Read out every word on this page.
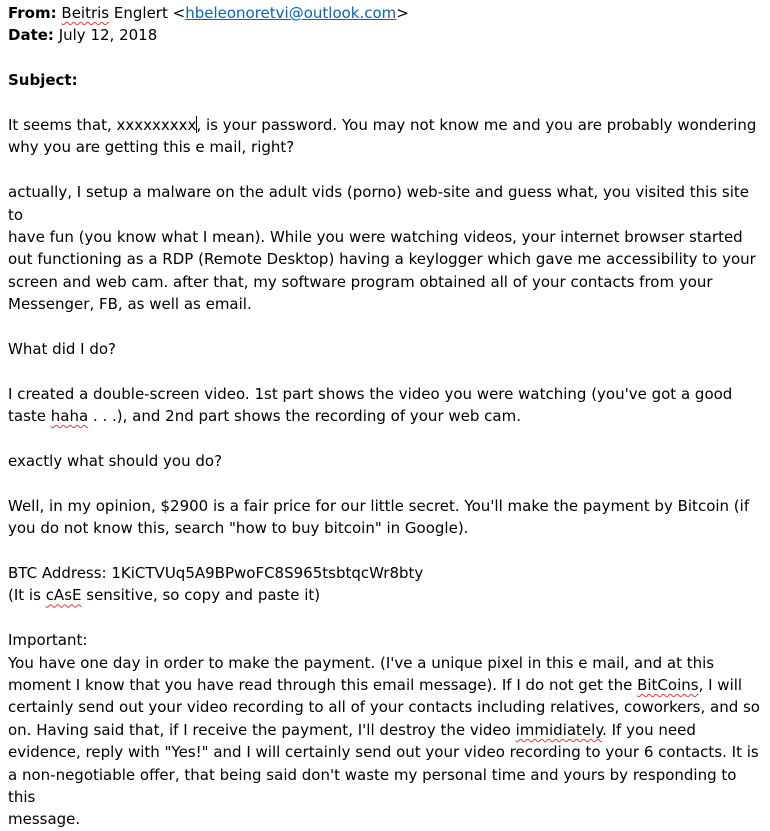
From: Beitris Englert <hbeleonoretvi@outlook.com>
Date: July 12, 2018
Subject:

It seems that, xxxxxxxxx, is your password. You may not know me and you are probably wondering
why you are getting this e mail, right?

actually, I setup a malware on the adult vids (porno) web-site and guess what, you visited this site to
have fun (you know what I mean). While you were watching videos, your internet browser started
out functioning as a RDP (Remote Desktop) having a keylogger which gave me accessibility to your
screen and web cam. after that, my software program obtained all of your contacts from your
Messenger, FB, as well as email.

What did I do?

I created a double-screen video. 1st part shows the video you were watching (you've got a good
taste haha . . .), and 2nd part shows the recording of your web cam.

exactly what should you do?

Well, in my opinion, $2900 is a fair price for our little secret. You'll make the payment by Bitcoin (if
you do not know this, search "how to buy bitcoin" in Google).

BTC Address: 1KiCTVUq5A9BPwoFC8S965tsbtqcWr8bty
(It is cAsE sensitive, so copy and paste it)

Important:
You have one day in order to make the payment. (I've a unique pixel in this e mail, and at this
moment I know that you have read through this email message). If I do not get the BitCoins, I will
certainly send out your video recording to all of your contacts including relatives, coworkers, and so
on. Having said that, if I receive the payment, I'll destroy the video immidiately. If you need
evidence, reply with "Yes!" and I will certainly send out your video recording to your 6 contacts. It is
a non-negotiable offer, that being said don't waste my personal time and yours by responding to this
message.
